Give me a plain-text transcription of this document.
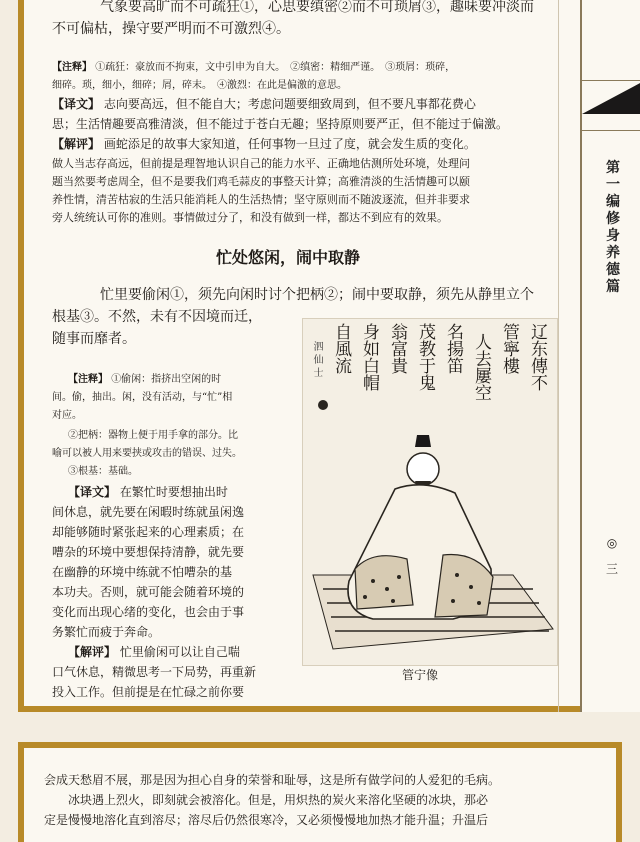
气象要高旷而不可疏狂①，心思要缜密②而不可琐屑③，趣味要冲淡而
不可偏枯，操守要严明而不可激烈④。
【注释】 ①疏狂：豪放而不拘束，文中引申为自大。　②缜密：精细严谨。　③琐屑：琐碎，
细碎。琐，细小，细碎；屑，碎末。　④激烈：在此是偏激的意思。
【译文】 志向要高远，但不能自大；考虑问题要细致周到，但不要凡事都花费心
思；生活情趣要高雅清淡，但不能过于苍白无趣；坚持原则要严正，但不能过于偏激。
【解评】 画蛇添足的故事大家知道，任何事物一旦过了度，就会发生质的变化。
做人当志存高远，但前提是理智地认识自己的能力水平、正确地估测所处环境，处理问
题当然要考虑周全，但不是要我们鸡毛蒜皮的事整天计算；高雅清淡的生活情趣可以颐
养性情，清苦枯寂的生活只能消耗人的生活热情；坚守原则而不随波逐流，但并非要求
旁人统统认可你的准则。事情做过分了，和没有做到一样，都达不到应有的效果。
忙处悠闲，闹中取静
忙里要偷闲①，须先向闲时讨个把柄②；闹中要取静，须先从静里立个
根基③。不然，未有不因境而迁，
随事而靡者。
【注释】 ①偷闲：指挤出空闲的时
间。偷，抽出。闲，没有活动，与“忙”相
对应。
②把柄：器物上便于用手拿的部分。比
喻可以被人用来要挟或攻击的错误、过失。
③根基：基础。
【译文】 在繁忙时要想抽出时
间休息，就先要在闲暇时练就虽闲逸
却能够随时紧张起来的心理素质；在
嘈杂的环境中要想保持清静，就先要
在幽静的环境中练就不怕嘈杂的基
本功夫。否则，就可能会随着环境的
变化而出现心绪的变化，也会由于事
务繁忙而疲于奔命。
【解评】 忙里偷闲可以让自己喘
口气休息，精微思考一下局势，再重新
投入工作。但前提是在忙碌之前你要
泗 仙 士	辽东傳不
管寧樓
人去屢空
名揚笛
茂教于鬼
翁富貴
身如白帽
自風流
管宁像
第一编　修身养德篇
◎
三
会成天愁眉不展，那是因为担心自身的荣誉和耻辱，这是所有做学问的人爱犯的毛病。
冰块遇上烈火，即刻就会被溶化。但是，用炽热的炭火来溶化坚硬的冰块，那必
定是慢慢地溶化直到溶尽；溶尽后仍然很寒冷，又必须慢慢地加热才能升温；升温后
